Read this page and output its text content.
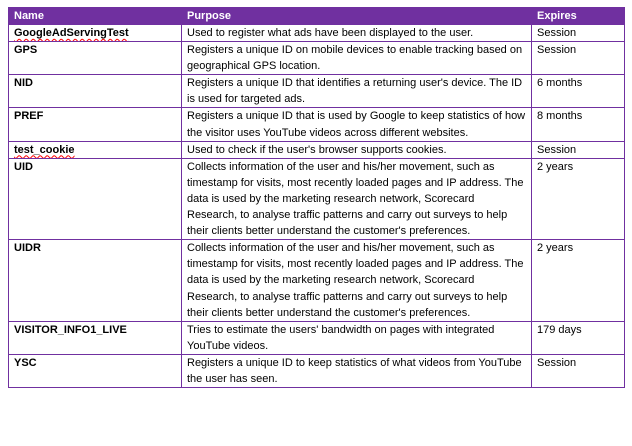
Name	Purpose	Expires
GoogleAdServingTest	Used to register what ads have been displayed to the user.	Session
GPS	Registers a unique ID on mobile devices to enable tracking based on geographical GPS location.	Session
NID	Registers a unique ID that identifies a returning user's device. The ID is used for targeted ads.	6 months
PREF	Registers a unique ID that is used by Google to keep statistics of how the visitor uses YouTube videos across different websites.	8 months
test_cookie	Used to check if the user's browser supports cookies.	Session
UID	Collects information of the user and his/her movement, such as timestamp for visits, most recently loaded pages and IP address. The data is used by the marketing research network, Scorecard Research, to analyse traffic patterns and carry out surveys to help their clients better understand the customer's preferences.	2 years
UIDR	Collects information of the user and his/her movement, such as timestamp for visits, most recently loaded pages and IP address. The data is used by the marketing research network, Scorecard Research, to analyse traffic patterns and carry out surveys to help their clients better understand the customer's preferences.	2 years
VISITOR_INFO1_LIVE	Tries to estimate the users' bandwidth on pages with integrated YouTube videos.	179 days
YSC	Registers a unique ID to keep statistics of what videos from YouTube the user has seen.	Session
